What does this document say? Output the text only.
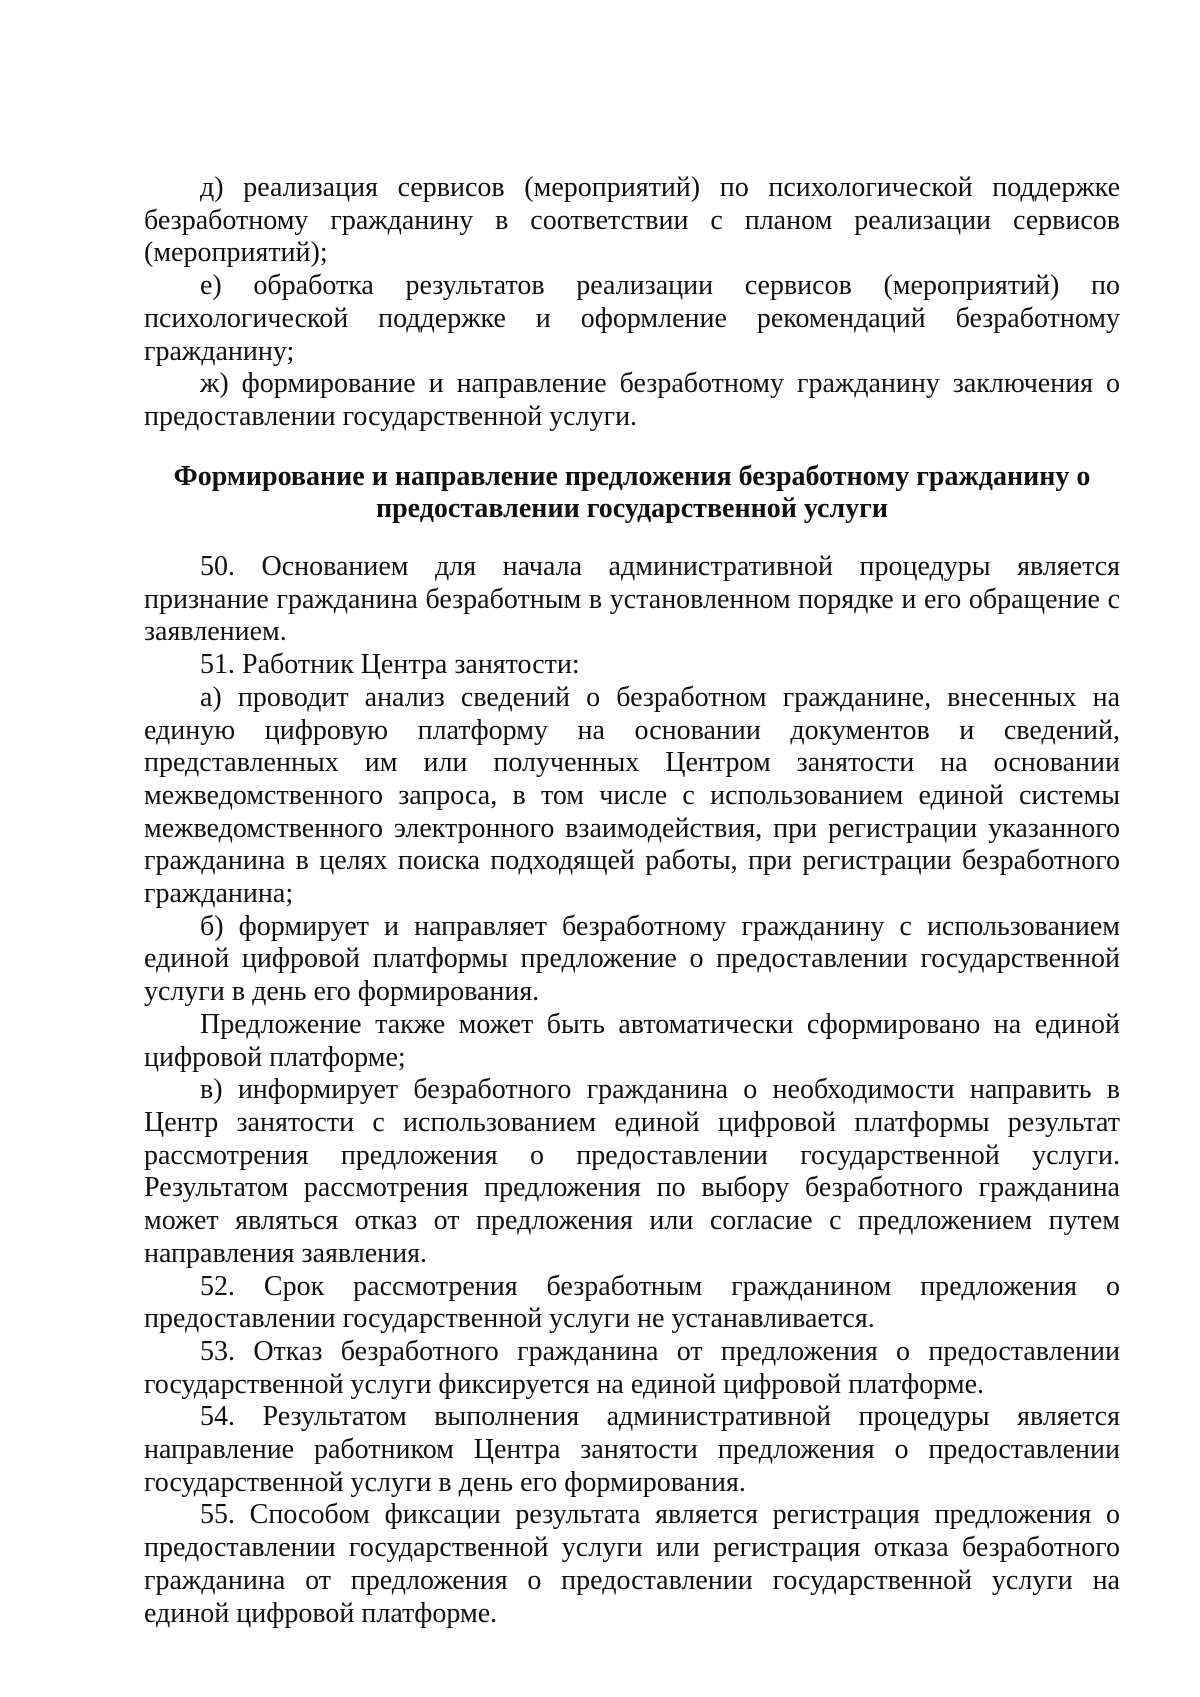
д) реализация сервисов (мероприятий) по психологической поддержке безработному гражданину в соответствии с планом реализации сервисов (мероприятий);

е) обработка результатов реализации сервисов (мероприятий) по психологической поддержке и оформление рекомендаций безработному гражданину;

ж) формирование и направление безработному гражданину заключения о предоставлении государственной услуги.

Формирование и направление предложения безработному гражданину о
предоставлении государственной услуги

50. Основанием для начала административной процедуры является признание гражданина безработным в установленном порядке и его обращение с заявлением.

51. Работник Центра занятости:

а) проводит анализ сведений о безработном гражданине, внесенных на единую цифровую платформу на основании документов и сведений, представленных им или полученных Центром занятости на основании межведомственного запроса, в том числе с использованием единой системы межведомственного электронного взаимодействия, при регистрации указанного гражданина в целях поиска подходящей работы, при регистрации безработного гражданина;

б) формирует и направляет безработному гражданину с использованием единой цифровой платформы предложение о предоставлении государственной услуги в день его формирования.

Предложение также может быть автоматически сформировано на единой цифровой платформе;

в) информирует безработного гражданина о необходимости направить в Центр занятости с использованием единой цифровой платформы результат рассмотрения предложения о предоставлении государственной услуги. Результатом рассмотрения предложения по выбору безработного гражданина может являться отказ от предложения или согласие с предложением путем направления заявления.

52. Срок рассмотрения безработным гражданином предложения о предоставлении государственной услуги не устанавливается.

53. Отказ безработного гражданина от предложения о предоставлении государственной услуги фиксируется на единой цифровой платформе.

54. Результатом выполнения административной процедуры является направление работником Центра занятости предложения о предоставлении государственной услуги в день его формирования.

55. Способом фиксации результата является регистрация предложения о предоставлении государственной услуги или регистрация отказа безработного гражданина от предложения о предоставлении государственной услуги на единой цифровой платформе.
